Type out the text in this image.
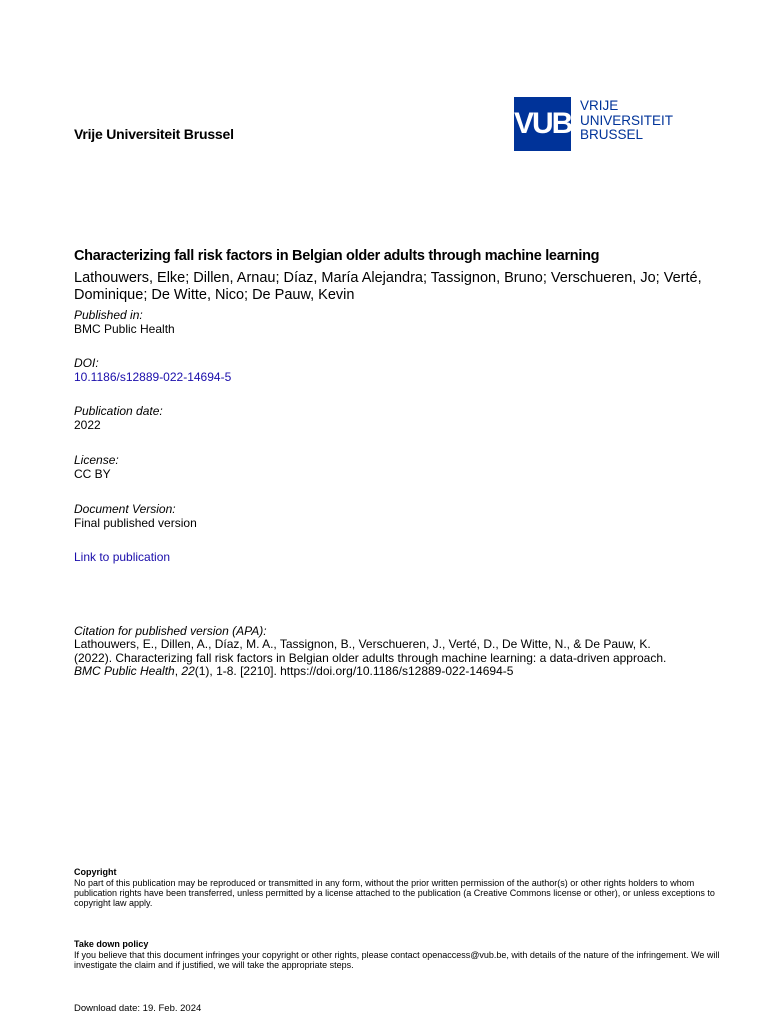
Vrije Universiteit Brussel	VUB
VRIJE
UNIVERSITEIT
BRUSSEL
Characterizing fall risk factors in Belgian older adults through machine learning
Lathouwers, Elke; Dillen, Arnau; Díaz, María Alejandra; Tassignon, Bruno; Verschueren, Jo; Verté, Dominique; De Witte, Nico; De Pauw, Kevin
Published in:
BMC Public Health
DOI:
10.1186/s12889-022-14694-5
Publication date:
2022
License:
CC BY
Document Version:
Final published version
Link to publication
Citation for published version (APA):
Lathouwers, E., Dillen, A., Díaz, M. A., Tassignon, B., Verschueren, J., Verté, D., De Witte, N., & De Pauw, K.
(2022). Characterizing fall risk factors in Belgian older adults through machine learning: a data-driven approach.
BMC Public Health, 22(1), 1-8. [2210]. https://doi.org/10.1186/s12889-022-14694-5
Copyright
No part of this publication may be reproduced or transmitted in any form, without the prior written permission of the author(s) or other rights holders to whom publication rights have been transferred, unless permitted by a license attached to the publication (a Creative Commons license or other), or unless exceptions to copyright law apply.
Take down policy
If you believe that this document infringes your copyright or other rights, please contact openaccess@vub.be, with details of the nature of the infringement. We will investigate the claim and if justified, we will take the appropriate steps.
Download date: 19. Feb. 2024
